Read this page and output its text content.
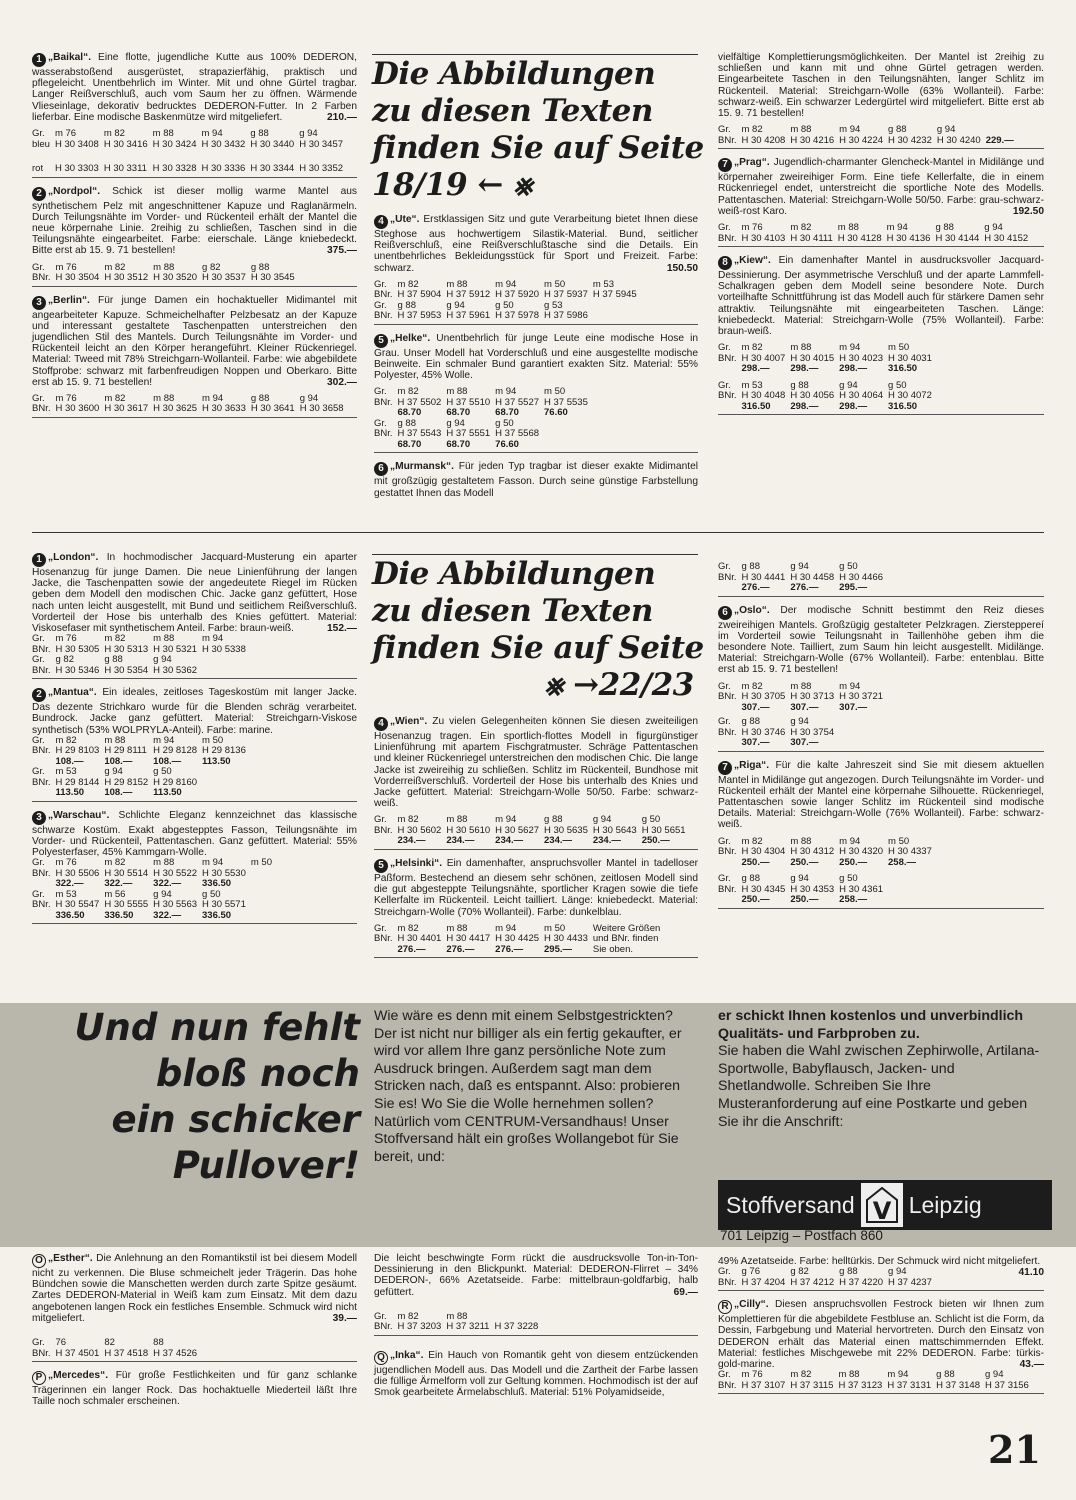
1 „Baikal“. Eine flotte, jugendliche Kutte aus 100% DEDERON, wasserabstoßend ausgerüstet, strapazierfähig, praktisch und pflegeleicht. Unentbehrlich im Winter. Mit und ohne Gürtel tragbar. Langer Reißverschluß, auch vom Saum her zu öffnen. Wärmende Vlieseinlage, dekorativ bedrucktes DEDERON-Futter. In 2 Farben lieferbar. Eine modische Baskenmütze wird mitgeliefert.	210.—

Gr.	m 76	m 82	m 88	m 94	g 88	g 94
bleu	H 30 3408	H 30 3416	H 30 3424	H 30 3432	H 30 3440	H 30 3457

rot	H 30 3303	H 30 3311	H 30 3328	H 30 3336	H 30 3344	H 30 3352

2 „Nordpol“. Schick ist dieser mollig warme Mantel aus synthetischem Pelz mit angeschnittener Kapuze und Raglanärmeln. Durch Teilungsnähte im Vorder- und Rückenteil erhält der Mantel die neue körpernahe Linie. 2reihig zu schließen, Taschen sind in die Teilungsnähte eingearbeitet. Farbe: eierschale. Länge kniebedeckt. Bitte erst ab 15. 9. 71 bestellen!	375.—

Gr.	m 76	m 82	m 88	g 82	g 88
BNr.	H 30 3504	H 30 3512	H 30 3520	H 30 3537	H 30 3545

3 „Berlin“. Für junge Damen ein hochaktueller Midimantel mit angearbeiteter Kapuze. Schmeichelhafter Pelzbesatz an der Kapuze und interessant gestaltete Taschenpatten unterstreichen den jugendlichen Stil des Mantels. Durch Teilungsnähte im Vorder- und Rückenteil leicht an den Körper herangeführt. Kleiner Rückenriegel. Material: Tweed mit 78% Streichgarn-Wollanteil. Farbe: wie abgebildete Stoffprobe: schwarz mit farbenfreudigen Noppen und Oberkaro. Bitte erst ab 15. 9. 71 bestellen!	302.—

Gr.	m 76	m 82	m 88	m 94	g 88	g 94
BNr.	H 30 3600	H 30 3617	H 30 3625	H 30 3633	H 30 3641	H 30 3658
Die Abbildungen
zu diesen Texten
finden Sie auf Seite
18/19 ← ⨳

4 „Ute“. Erstklassigen Sitz und gute Verarbeitung bietet Ihnen diese Steghose aus hochwertigem Silastik-Material. Bund, seitlicher Reißverschluß, eine Reißverschlußtasche sind die Details. Ein unentbehrliches Bekleidungsstück für Sport und Freizeit. Farbe: schwarz.	150.50

Gr.	m 82	m 88	m 94	m 50	m 53
BNr.	H 37 5904	H 37 5912	H 37 5920	H 37 5937	H 37 5945
Gr.	g 88	g 94	g 50	g 53	
BNr.	H 37 5953	H 37 5961	H 37 5978	H 37 5986	

5 „Helke“. Unentbehrlich für junge Leute eine modische Hose in Grau. Unser Modell hat Vorderschluß und eine ausgestellte modische Beinweite. Ein schmaler Bund garantiert exakten Sitz. Material: 55% Polyester, 45% Wolle.

Gr.	m 82	m 88	m 94	m 50
BNr.	H 37 5502	H 37 5510	H 37 5527	H 37 5535
	68.70	68.70	68.70	76.60
Gr.	g 88	g 94	g 50	
BNr.	H 37 5543	H 37 5551	H 37 5568	
	68.70	68.70	76.60	

6 „Murmansk“. Für jeden Typ tragbar ist dieser exakte Midimantel mit großzügig gestaltetem Fasson. Durch seine günstige Farbstellung gestattet Ihnen das Modell

vielfältige Komplettierungsmöglichkeiten. Der Mantel ist 2reihig zu schließen und kann mit und ohne Gürtel getragen werden. Eingearbeitete Taschen in den Teilungsnähten, langer Schlitz im Rückenteil. Material: Streichgarn-Wolle (63% Wollanteil). Farbe: schwarz-weiß. Ein schwarzer Ledergürtel wird mitgeliefert. Bitte erst ab 15. 9. 71 bestellen!

Gr.	m 82	m 88	m 94	g 88	g 94	
BNr.	H 30 4208	H 30 4216	H 30 4224	H 30 4232	H 30 4240	229.—

7 „Prag“. Jugendlich-charmanter Glencheck-Mantel in Midilänge und körpernaher zweireihiger Form. Eine tiefe Kellerfalte, die in einem Rückenriegel endet, unterstreicht die sportliche Note des Modells. Pattentaschen. Material: Streichgarn-Wolle 50/50. Farbe: grau-schwarz-weiß-rost Karo.	192.50

Gr.	m 76	m 82	m 88	m 94	g 88	g 94
BNr.	H 30 4103	H 30 4111	H 30 4128	H 30 4136	H 30 4144	H 30 4152

8 „Kiew“. Ein damenhafter Mantel in ausdrucksvoller Jacquard-Dessinierung. Der asymmetrische Verschluß und der aparte Lammfell-Schalkragen geben dem Modell seine besondere Note. Durch vorteilhafte Schnittführung ist das Modell auch für stärkere Damen sehr attraktiv. Teilungsnähte mit eingearbeiteten Taschen. Länge: kniebedeckt. Material: Streichgarn-Wolle (75% Wollanteil). Farbe: braun-weiß.

Gr.	m 82	m 88	m 94	m 50
BNr.	H 30 4007	H 30 4015	H 30 4023	H 30 4031
	298.—	298.—	298.—	316.50

Gr.	m 53	g 88	g 94	g 50
BNr.	H 30 4048	H 30 4056	H 30 4064	H 30 4072
	316.50	298.—	298.—	316.50

1 „London“. In hochmodischer Jacquard-Musterung ein aparter Hosenanzug für junge Damen. Die neue Linienführung der langen Jacke, die Taschenpatten sowie der angedeutete Riegel im Rücken geben dem Modell den modischen Chic. Jacke ganz gefüttert, Hose nach unten leicht ausgestellt, mit Bund und seitlichem Reißverschluß. Vorderteil der Hose bis unterhalb des Knies gefüttert. Material: Viskosefaser mit synthetischem Anteil. Farbe: braun-weiß.	152.—

Gr.	m 76	m 82	m 88	m 94
BNr.	H 30 5305	H 30 5313	H 30 5321	H 30 5338
Gr.	g 82	g 88	g 94	
BNr.	H 30 5346	H 30 5354	H 30 5362	

2 „Mantua“. Ein ideales, zeitloses Tageskostüm mit langer Jacke. Das dezente Strichkaro wurde für die Blenden schräg verarbeitet. Bundrock. Jacke ganz gefüttert. Material: Streichgarn-Viskose synthetisch (53% WOLPRYLA-Anteil). Farbe: marine.

Gr.	m 82	m 88	m 94	m 50
BNr.	H 29 8103	H 29 8111	H 29 8128	H 29 8136
	108.—	108.—	108.—	113.50
Gr.	m 53	g 94	g 50	
BNr.	H 29 8144	H 29 8152	H 29 8160	
	113.50	108.—	113.50	

3 „Warschau“. Schlichte Eleganz kennzeichnet das klassische schwarze Kostüm. Exakt abgestepptes Fasson, Teilungsnähte im Vorder- und Rückenteil, Pattentaschen. Ganz gefüttert. Material: 55% Polyesterfaser, 45% Kammgarn-Wolle.

Gr.	m 76	m 82	m 88	m 94	m 50
BNr.	H 30 5506	H 30 5514	H 30 5522	H 30 5530	
	322.—	322.—	322.—	336.50	
Gr.	m 53	m 56	g 94	g 50	
BNr.	H 30 5547	H 30 5555	H 30 5563	H 30 5571	
	336.50	336.50	322.—	336.50	
Die Abbildungen
zu diesen Texten
finden Sie auf Seite
⨳ →22/23

4 „Wien“. Zu vielen Gelegenheiten können Sie diesen zweiteiligen Hosenanzug tragen. Ein sportlich-flottes Modell in figurgünstiger Linienführung mit apartem Fischgratmuster. Schräge Pattentaschen und kleiner Rückenriegel unterstreichen den modischen Chic. Die lange Jacke ist zweireihig zu schließen. Schlitz im Rückenteil, Bundhose mit Vorderreißverschluß. Vorderteil der Hose bis unterhalb des Knies und Jacke gefüttert. Material: Streichgarn-Wolle 50/50. Farbe: schwarz-weiß.

Gr.	m 82	m 88	m 94	g 88	g 94	g 50
BNr.	H 30 5602	H 30 5610	H 30 5627	H 30 5635	H 30 5643	H 30 5651
	234.—	234.—	234.—	234.—	234.—	250.—

5 „Helsinki“. Ein damenhafter, anspruchsvoller Mantel in tadelloser Paßform. Bestechend an diesem sehr schönen, zeitlosen Modell sind die gut abgesteppte Teilungsnähte, sportlicher Kragen sowie die tiefe Kellerfalte im Rückenteil. Leicht tailliert. Länge: kniebedeckt. Material: Streichgarn-Wolle (70% Wollanteil). Farbe: dunkelblau.

Gr.	m 82	m 88	m 94	m 50	Weitere Größen
BNr.	H 30 4401	H 30 4417	H 30 4425	H 30 4433	und BNr. finden
	276.—	276.—	276.—	295.—	Sie oben.
Gr.	g 88	g 94	g 50
BNr.	H 30 4441	H 30 4458	H 30 4466
	276.—	276.—	295.—

6 „Oslo“. Der modische Schnitt bestimmt den Reiz dieses zweireihigen Mantels. Großzügig gestalteter Pelzkragen. Ziersteppereí im Vorderteil sowie Teilungsnaht in Taillenhöhe geben ihm die besondere Note. Tailliert, zum Saum hin leicht ausgestellt. Midilänge. Material: Streichgarn-Wolle (67% Wollanteil). Farbe: entenblau. Bitte erst ab 15. 9. 71 bestellen!

Gr.	m 82	m 88	m 94
BNr.	H 30 3705	H 30 3713	H 30 3721
	307.—	307.—	307.—

Gr.	g 88	g 94	
BNr.	H 30 3746	H 30 3754	
	307.—	307.—	

7 „Riga“. Für die kalte Jahreszeit sind Sie mit diesem aktuellen Mantel in Midilänge gut angezogen. Durch Teilungsnähte im Vorder- und Rückenteil erhält der Mantel eine körpernahe Silhouette. Rückenriegel, Pattentaschen sowie langer Schlitz im Rückenteil sind modische Details. Material: Streichgarn-Wolle (76% Wollanteil). Farbe: schwarz-weiß.

Gr.	m 82	m 88	m 94	m 50
BNr.	H 30 4304	H 30 4312	H 30 4320	H 30 4337
	250.—	250.—	250.—	258.—

Gr.	g 88	g 94	g 50	
BNr.	H 30 4345	H 30 4353	H 30 4361	
	250.—	250.—	258.—	
Und nun fehlt
bloß noch
ein schicker
Pullover!
Wie wäre es denn mit einem Selbstgestrickten? Der ist nicht nur billiger als ein fertig gekaufter, er wird vor allem Ihre ganz persönliche Note zum Ausdruck bringen. Außerdem sagt man dem Stricken nach, daß es entspannt. Also: probieren Sie es! Wo Sie die Wolle hernehmen sollen? Natürlich vom CENTRUM-Versandhaus! Unser Stoffversand hält ein großes Wollangebot für Sie bereit, und:
er schickt Ihnen kostenlos und unverbindlich Qualitäts- und Farbproben zu.
Sie haben die Wahl zwischen Zephirwolle, Artilana-Sportwolle, Babyflausch, Jacken- und Shetlandwolle. Schreiben Sie Ihre Musteranforderung auf eine Postkarte und geben Sie ihr die Anschrift:
Stoffversand V Leipzig
701 Leipzig – Postfach 860

O „Esther“. Die Anlehnung an den Romantikstil ist bei diesem Modell nicht zu verkennen. Die Bluse schmeichelt jeder Trägerin. Das hohe Bündchen sowie die Manschetten werden durch zarte Spitze gesäumt. Zartes DEDERON-Material in Weiß kam zum Einsatz. Mit dem dazu angebotenen langen Rock ein festliches Ensemble. Schmuck wird nicht mitgeliefert.	39.—

Gr.	76	82	88
BNr.	H 37 4501	H 37 4518	H 37 4526

P „Mercedes“. Für große Festlichkeiten und für ganz schlanke Trägerinnen ein langer Rock. Das hochaktuelle Miederteil läßt Ihre Taille noch schmaler erscheinen.

Die leicht beschwingte Form rückt die ausdrucksvolle Ton-in-Ton-Dessinierung in den Blickpunkt. Material: DEDERON-Flirret – 34% DEDERON-, 66% Azetatseide. Farbe: mittelbraun-goldfarbig, halb gefüttert.	69.—

Gr.	m 82	m 88	
BNr.	H 37 3203	H 37 3211	H 37 3228

Q „Inka“. Ein Hauch von Romantik geht von diesem entzückenden jugendlichen Modell aus. Das Modell und die Zartheit der Farbe lassen die füllige Ärmelform voll zur Geltung kommen. Hochmodisch ist der auf Smok gearbeitete Ärmelabschluß. Material: 51% Polyamidseide,

49% Azetatseide. Farbe: helltürkis. Der Schmuck wird nicht mitgeliefert.
41.10

Gr.	g 76	g 82	g 88	g 94
BNr.	H 37 4204	H 37 4212	H 37 4220	H 37 4237

R „Cilly“. Diesen anspruchsvollen Festrock bieten wir Ihnen zum Komplettieren für die abgebildete Festbluse an. Schlicht ist die Form, da Dessin, Farbgebung und Material hervortreten. Durch den Einsatz von DEDERON erhält das Material einen mattschimmernden Effekt. Material: festliches Mischgewebe mit 22% DEDERON. Farbe: türkis-gold-marine.	43.—

Gr.	m 76	m 82	m 88	m 94	g 88	g 94
BNr.	H 37 3107	H 37 3115	H 37 3123	H 37 3131	H 37 3148	H 37 3156
21
